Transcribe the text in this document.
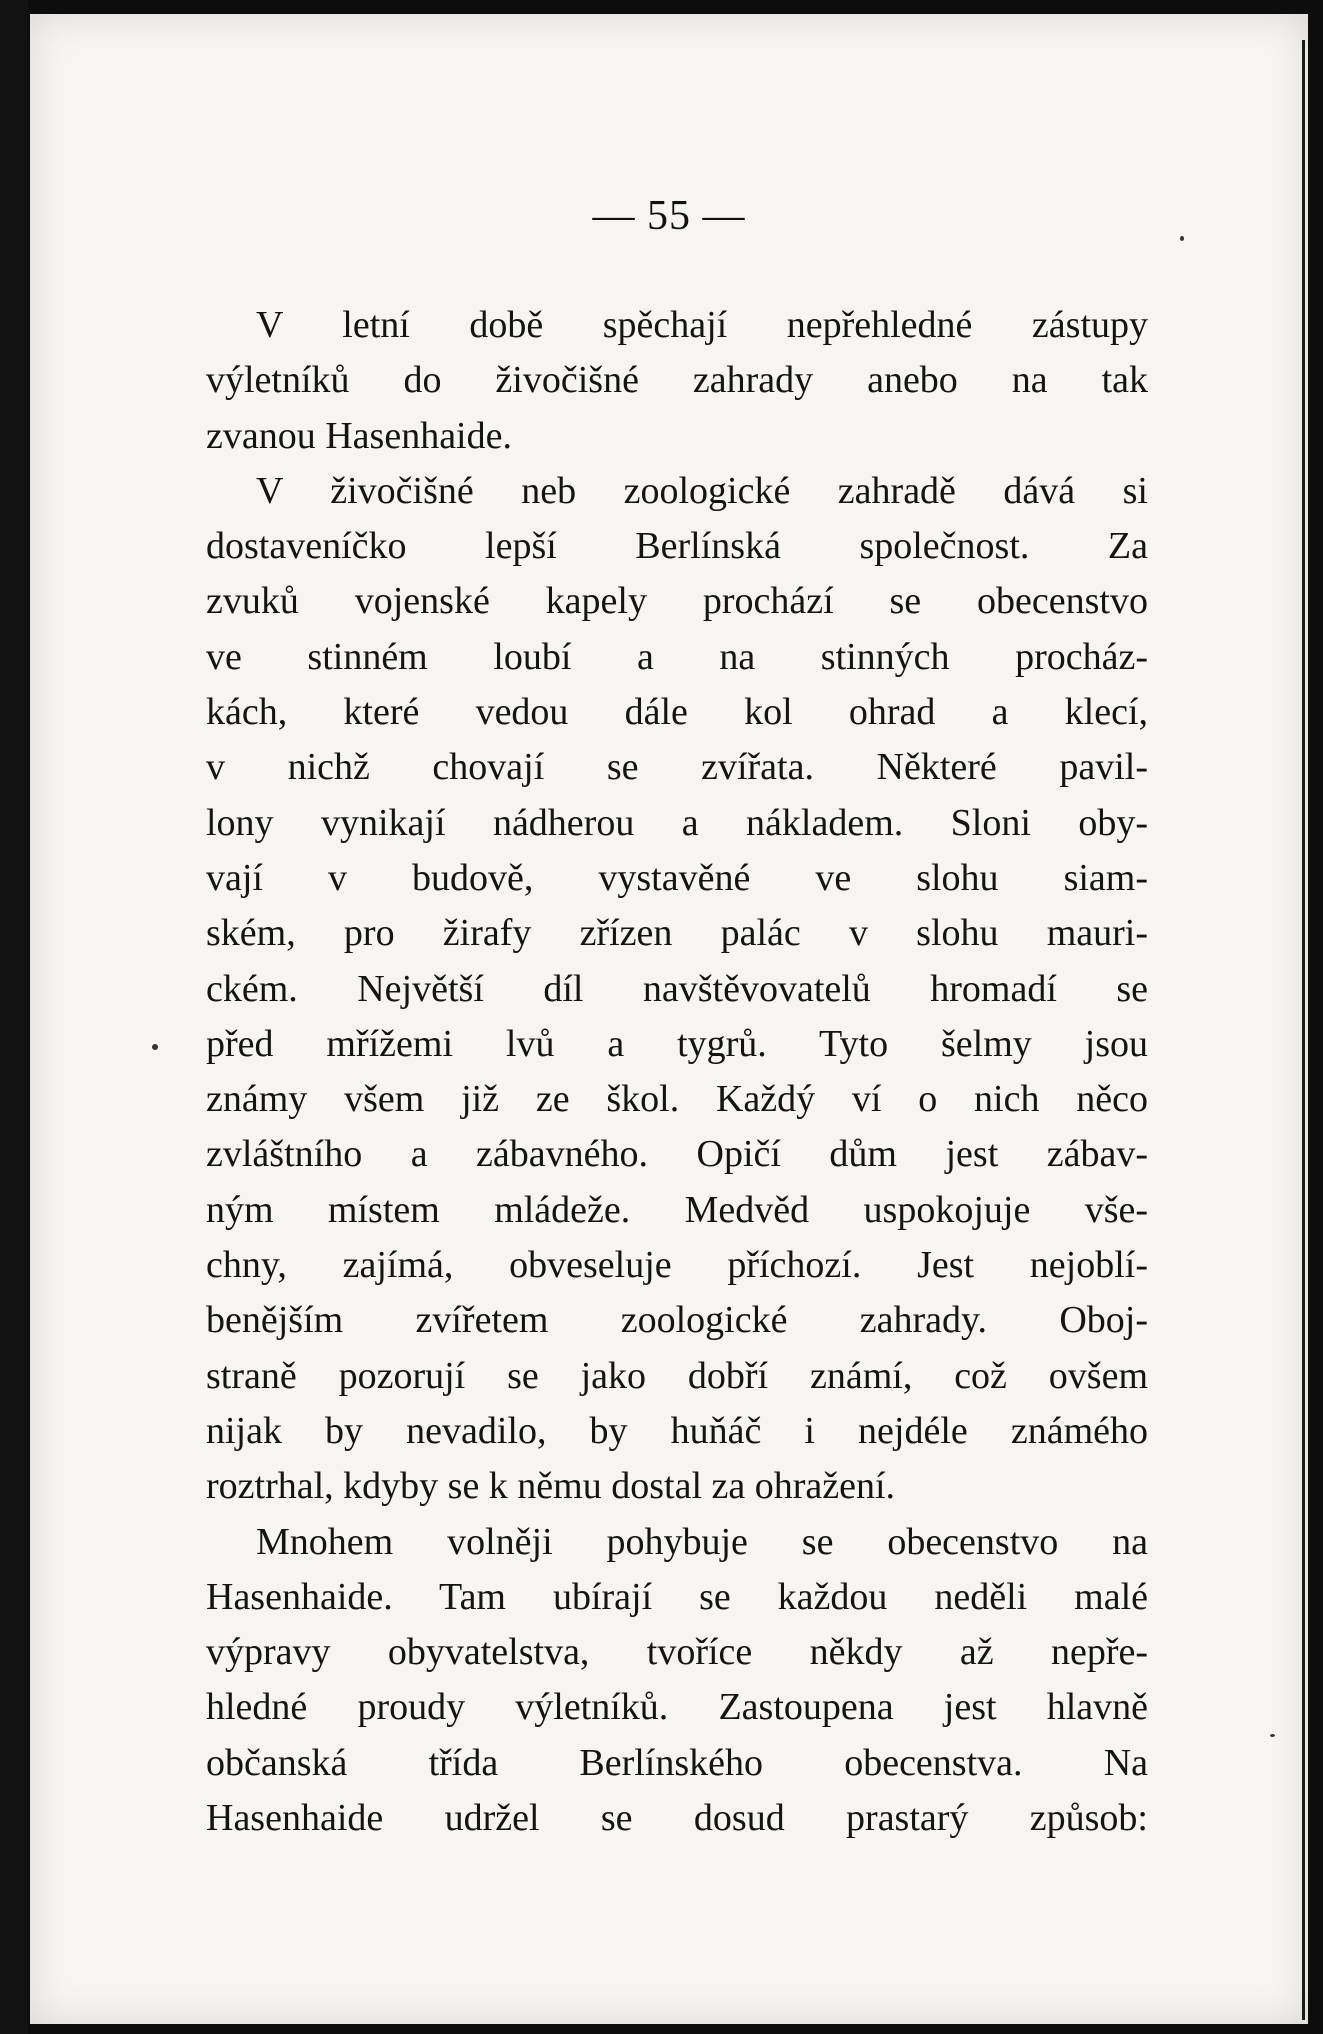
— 55 —
V letní době spěchají nepřehledné zástupy
výletníků do živočišné zahrady anebo na tak
zvanou Hasenhaide.
V živočišné neb zoologické zahradě dává si
dostaveníčko lepší Berlínská společnost. Za
zvuků vojenské kapely prochází se obecenstvo
ve stinném loubí a na stinných procház-
kách, které vedou dále kol ohrad a klecí,
v nichž chovají se zvířata. Některé pavil-
lony vynikají nádherou a nákladem. Sloni oby-
vají v budově, vystavěné ve slohu siam-
ském, pro žirafy zřízen palác v slohu mauri-
ckém. Největší díl navštěvovatelů hromadí se
před mřížemi lvů a tygrů. Tyto šelmy jsou
známy všem již ze škol. Každý ví o nich něco
zvláštního a zábavného. Opičí dům jest zábav-
ným místem mládeže. Medvěd uspokojuje vše-
chny, zajímá, obveseluje příchozí. Jest nejoblí-
benějším zvířetem zoologické zahrady. Oboj-
straně pozorují se jako dobří známí, což ovšem
nijak by nevadilo, by huňáč i nejdéle známého
roztrhal, kdyby se k němu dostal za ohražení.
Mnohem volněji pohybuje se obecenstvo na
Hasenhaide. Tam ubírají se každou neděli malé
výpravy obyvatelstva, tvoříce někdy až nepře-
hledné proudy výletníků. Zastoupena jest hlavně
občanská třída Berlínského obecenstva. Na
Hasenhaide udržel se dosud prastarý způsob:
